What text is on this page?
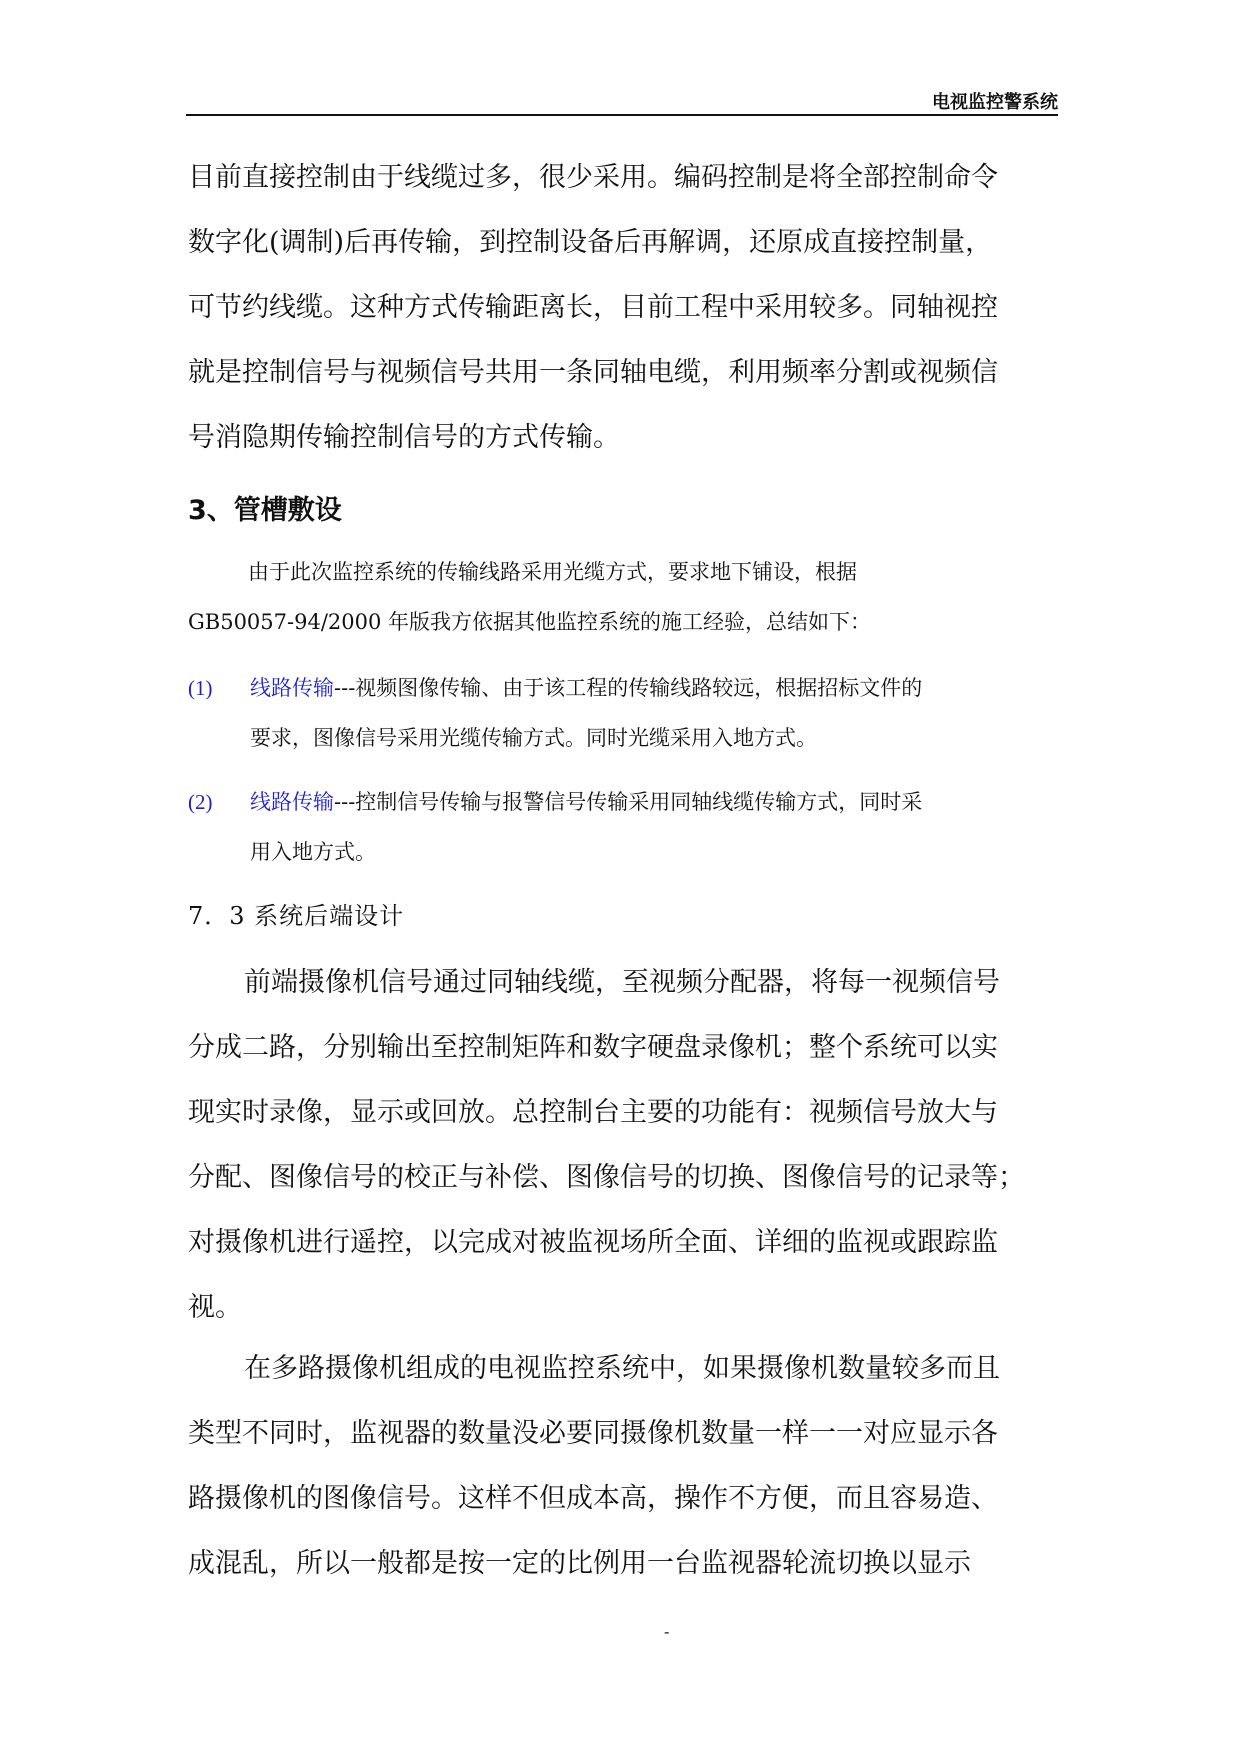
电视监控警系统
目前直接控制由于线缆过多，很少采用。编码控制是将全部控制命令
数字化(调制)后再传输，到控制设备后再解调，还原成直接控制量，
可节约线缆。这种方式传输距离长，目前工程中采用较多。同轴视控
就是控制信号与视频信号共用一条同轴电缆，利用频率分割或视频信
号消隐期传输控制信号的方式传输。
3、管槽敷设
由于此次监控系统的传输线路采用光缆方式，要求地下铺设，根据
GB50057-94/2000 年版我方依据其他监控系统的施工经验，总结如下：
(1) 线路传输---视频图像传输、由于该工程的传输线路较远，根据招标文件的
要求，图像信号采用光缆传输方式。同时光缆采用入地方式。
(2) 线路传输---控制信号传输与报警信号传输采用同轴线缆传输方式，同时采
用入地方式。
7．3 系统后端设计
前端摄像机信号通过同轴线缆，至视频分配器，将每一视频信号
分成二路，分别输出至控制矩阵和数字硬盘录像机；整个系统可以实
现实时录像，显示或回放。总控制台主要的功能有：视频信号放大与
分配、图像信号的校正与补偿、图像信号的切换、图像信号的记录等；
对摄像机进行遥控，以完成对被监视场所全面、详细的监视或跟踪监
视。
在多路摄像机组成的电视监控系统中，如果摄像机数量较多而且
类型不同时，监视器的数量没必要同摄像机数量一样一一对应显示各
路摄像机的图像信号。这样不但成本高，操作不方便，而且容易造、
成混乱，所以一般都是按一定的比例用一台监视器轮流切换以显示
-
